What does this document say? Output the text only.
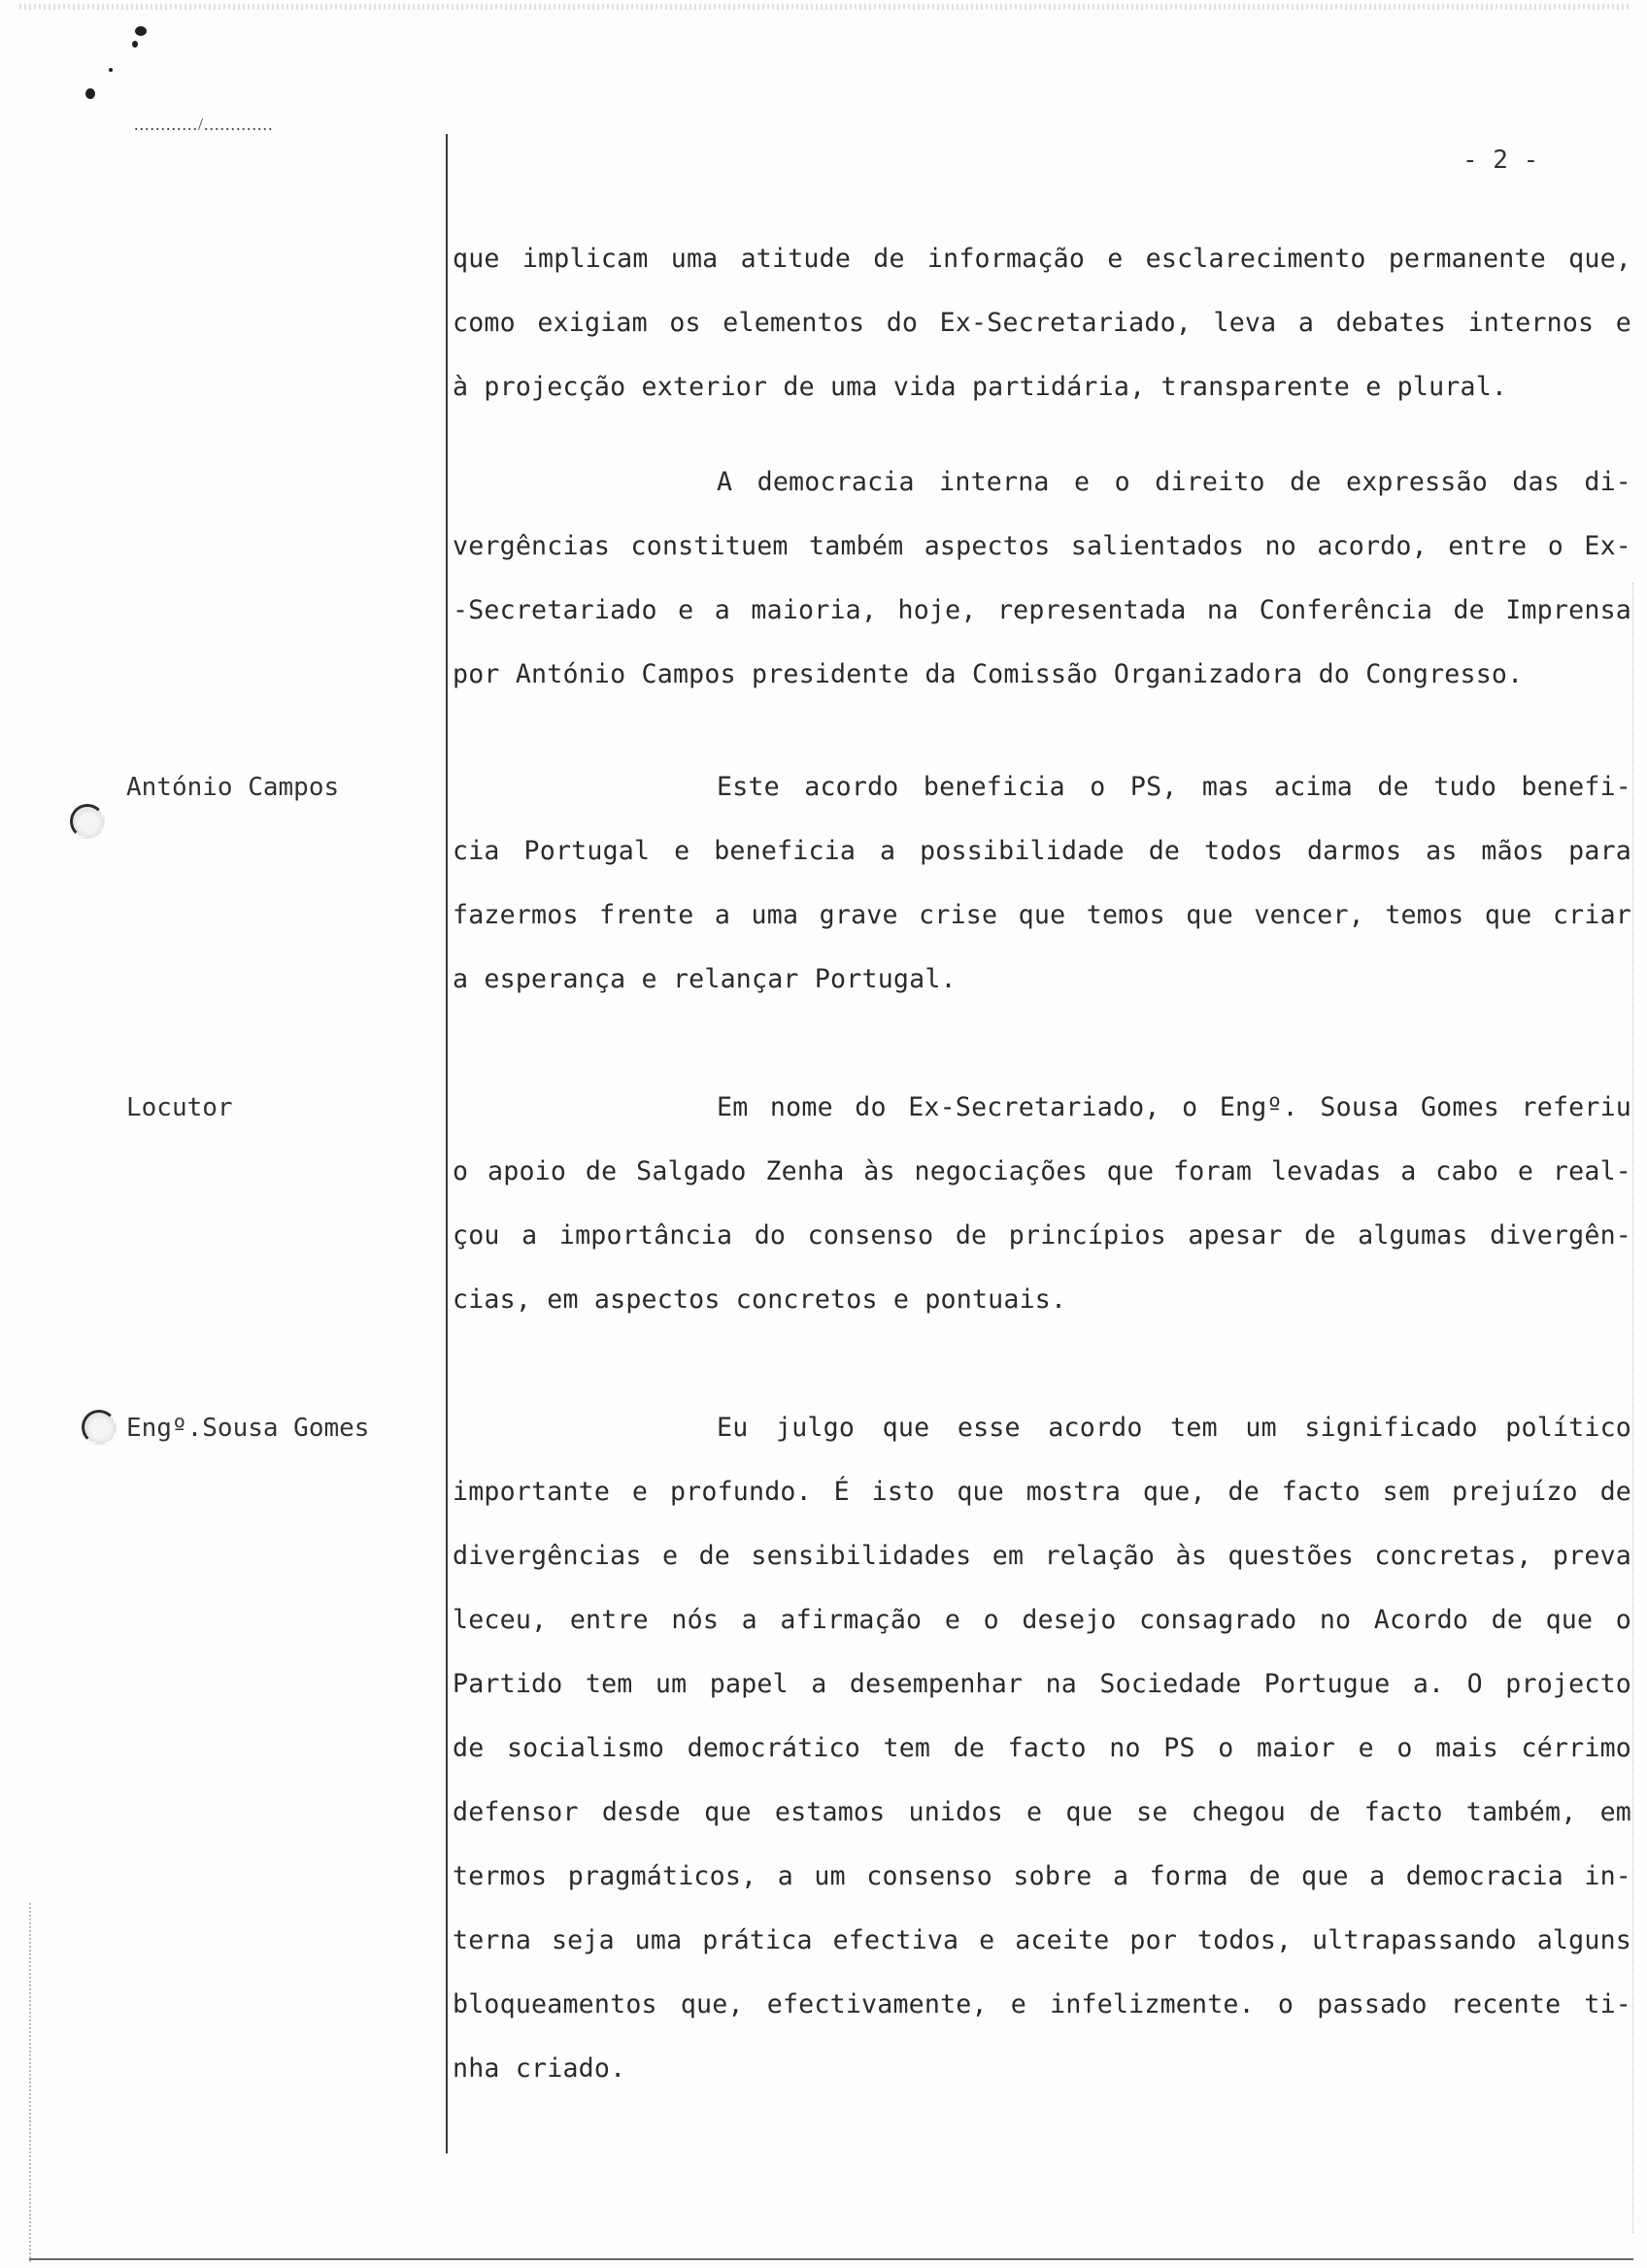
............/.............
- 2 -
António Campos
Locutor
Engº.Sousa Gomes
que implicam uma atitude de informação e esclarecimento permanente que,
como exigiam os elementos do Ex-Secretariado, leva a debates internos e
à projecção exterior de uma vida partidária, transparente e plural.
A democracia interna e o direito de expressão das di-
vergências constituem também aspectos salientados no acordo, entre o Ex-
-Secretariado e a maioria, hoje, representada na Conferência de Imprensa
por António Campos presidente da Comissão Organizadora do Congresso.
Este acordo beneficia o PS, mas acima de tudo benefi-
cia Portugal e beneficia a possibilidade de todos darmos as mãos para
fazermos frente a uma grave crise que temos que vencer, temos que criar
a esperança e relançar Portugal.
Em nome do Ex-Secretariado, o Engº. Sousa Gomes referiu
o apoio de Salgado Zenha às negociações que foram levadas a cabo e real-
çou a importância do consenso de princípios apesar de algumas divergên-
cias, em aspectos concretos e pontuais.
Eu julgo que esse acordo tem um significado político
importante e profundo. É isto que mostra que, de facto sem prejuízo de
divergências e de sensibilidades em relação às questões concretas, preva
leceu, entre nós a afirmação e o desejo consagrado no Acordo de que o
Partido tem um papel a desempenhar na Sociedade Portugue a. O projecto
de socialismo democrático tem de facto no PS o maior e o mais cérrimo
defensor desde que estamos unidos e que se chegou de facto também, em
termos pragmáticos, a um consenso sobre a forma de que a democracia in-
terna seja uma prática efectiva e aceite por todos, ultrapassando alguns
bloqueamentos que, efectivamente, e infelizmente. o passado recente ti-
nha criado.
